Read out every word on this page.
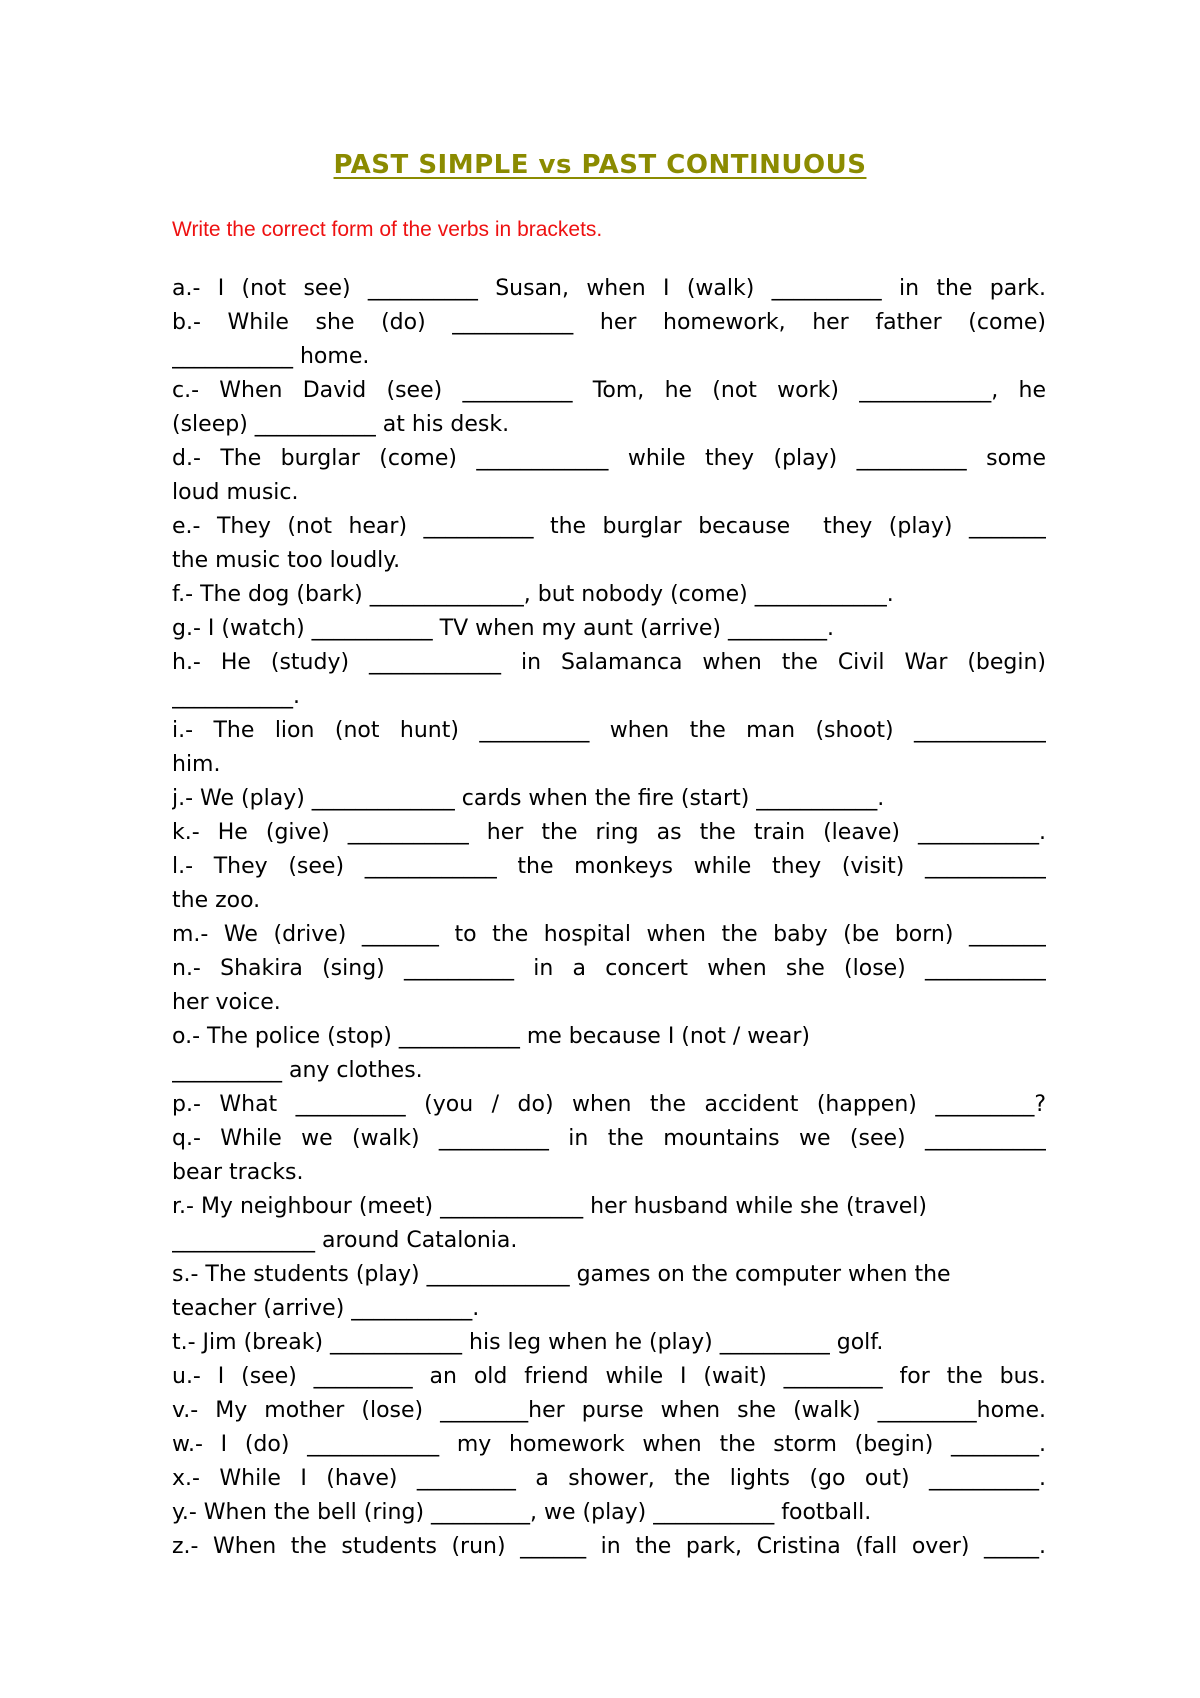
PAST SIMPLE vs PAST CONTINUOUS
Write the correct form of the verbs in brackets.
a.- I (not see) __________ Susan, when I (walk) __________ in the park.
b.- While she (do) ___________ her homework, her father (come)
___________ home.
c.- When David (see) __________ Tom, he (not work) ____________, he
(sleep) ___________ at his desk.
d.- The burglar (come) ____________ while they (play) __________ some
loud music.
e.- They (not hear) __________ the burglar because  they (play) _______
the music too loudly.
f.- The dog (bark) ______________, but nobody (come) ____________.
g.- I (watch) ___________ TV when my aunt (arrive) _________.
h.- He (study) ____________ in Salamanca when the Civil War (begin)
___________.
i.- The lion (not hunt) __________ when the man (shoot) ____________
him.
j.- We (play) _____________ cards when the fire (start) ___________.
k.- He (give) ___________ her the ring as the train (leave) ___________.
l.- They (see) ____________ the monkeys while they (visit) ___________
the zoo.
m.- We (drive) _______ to the hospital when the baby (be born) _______
n.- Shakira (sing) __________ in a concert when she (lose) ___________
her voice.
o.- The police (stop) ___________ me because I (not / wear)
__________ any clothes.
p.- What __________ (you / do) when the accident (happen) _________?
q.- While we (walk) __________ in the mountains we (see) ___________
bear tracks.
r.- My neighbour (meet) _____________ her husband while she (travel)
_____________ around Catalonia.
s.- The students (play) _____________ games on the computer when the
teacher (arrive) ___________.
t.- Jim (break) ____________ his leg when he (play) __________ golf.
u.- I (see) _________ an old friend while I (wait) _________ for the bus.
v.- My mother (lose) ________her purse when she (walk) _________home.
w.- I (do) ____________ my homework when the storm (begin) ________.
x.- While I (have) _________ a shower, the lights (go out) __________.
y.- When the bell (ring) _________, we (play) ___________ football.
z.- When the students (run) ______ in the park, Cristina (fall over) _____.
